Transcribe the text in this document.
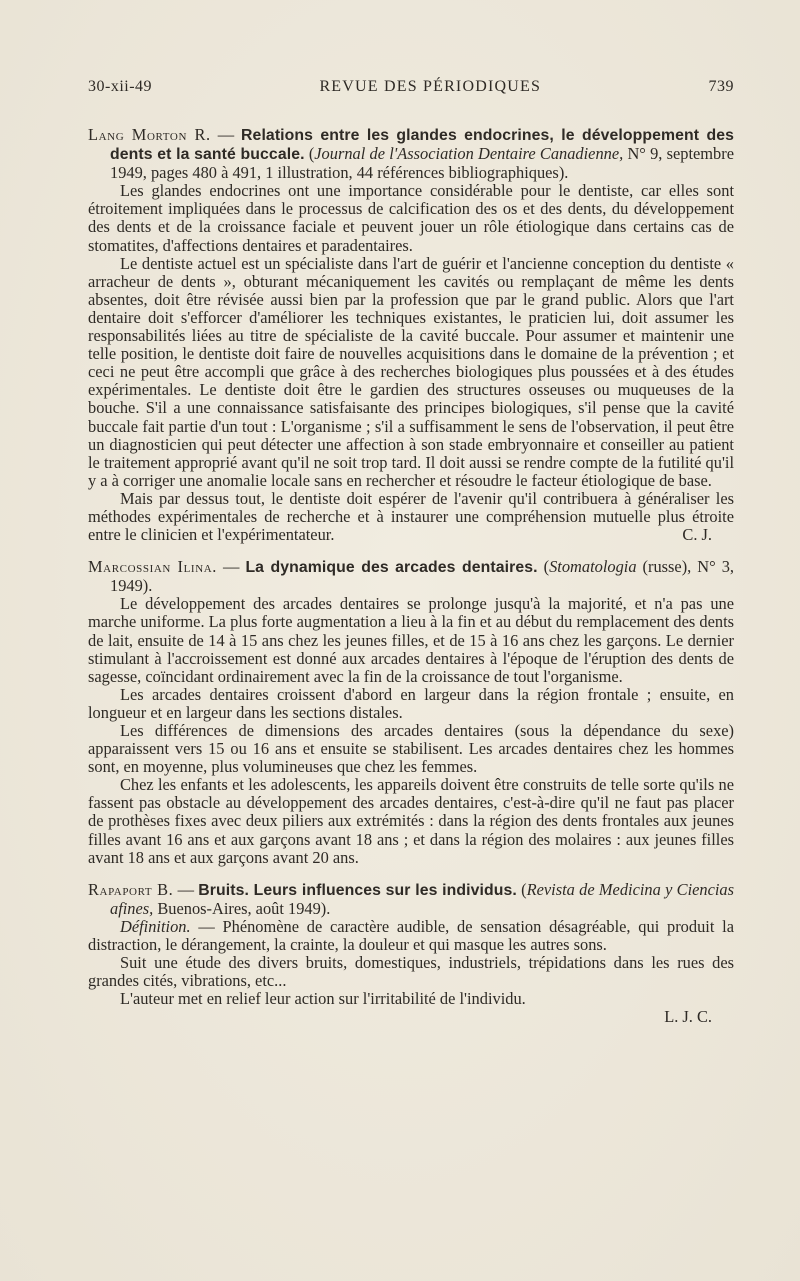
30-xii-49	REVUE DES PÉRIODIQUES	739

Lang Morton R. — Relations entre les glandes endocrines, le développement des dents et la santé buccale. (Journal de l'Association Dentaire Canadienne, N° 9, septembre 1949, pages 480 à 491, 1 illustration, 44 références bibliographiques).

Les glandes endocrines ont une importance considérable pour le dentiste, car elles sont étroitement impliquées dans le processus de calcification des os et des dents, du développement des dents et de la croissance faciale et peuvent jouer un rôle étiologique dans certains cas de stomatites, d'affections dentaires et paradentaires.

Le dentiste actuel est un spécialiste dans l'art de guérir et l'ancienne conception du dentiste « arracheur de dents », obturant mécaniquement les cavités ou remplaçant de même les dents absentes, doit être révisée aussi bien par la profession que par le grand public. Alors que l'art dentaire doit s'efforcer d'améliorer les techniques existantes, le praticien lui, doit assumer les responsabilités liées au titre de spécialiste de la cavité buccale. Pour assumer et maintenir une telle position, le dentiste doit faire de nouvelles acquisitions dans le domaine de la prévention ; et ceci ne peut être accompli que grâce à des recherches biologiques plus poussées et à des études expérimentales. Le dentiste doit être le gardien des structures osseuses ou muqueuses de la bouche. S'il a une connaissance satisfaisante des principes biologiques, s'il pense que la cavité buccale fait partie d'un tout : L'organisme ; s'il a suffisamment le sens de l'observation, il peut être un diagnosticien qui peut détecter une affection à son stade embryonnaire et conseiller au patient le traitement approprié avant qu'il ne soit trop tard. Il doit aussi se rendre compte de la futilité qu'il y a à corriger une anomalie locale sans en rechercher et résoudre le facteur étiologique de base.

Mais par dessus tout, le dentiste doit espérer de l'avenir qu'il contribuera à généraliser les méthodes expérimentales de recherche et à instaurer une compréhension mutuelle plus étroite entre le clinicien et l'expérimentateur.	C. J.

Marcossian Ilina. — La dynamique des arcades dentaires. (Stomatologia (russe), N° 3, 1949).

Le développement des arcades dentaires se prolonge jusqu'à la majorité, et n'a pas une marche uniforme. La plus forte augmentation a lieu à la fin et au début du remplacement des dents de lait, ensuite de 14 à 15 ans chez les jeunes filles, et de 15 à 16 ans chez les garçons. Le dernier stimulant à l'accroissement est donné aux arcades dentaires à l'époque de l'éruption des dents de sagesse, coïncidant ordinairement avec la fin de la croissance de tout l'organisme.

Les arcades dentaires croissent d'abord en largeur dans la région frontale ; ensuite, en longueur et en largeur dans les sections distales.

Les différences de dimensions des arcades dentaires (sous la dépendance du sexe) apparaissent vers 15 ou 16 ans et ensuite se stabilisent. Les arcades dentaires chez les hommes sont, en moyenne, plus volumineuses que chez les femmes.

Chez les enfants et les adolescents, les appareils doivent être construits de telle sorte qu'ils ne fassent pas obstacle au développement des arcades dentaires, c'est-à-dire qu'il ne faut pas placer de prothèses fixes avec deux piliers aux extrémités : dans la région des dents frontales aux jeunes filles avant 16 ans et aux garçons avant 18 ans ; et dans la région des molaires : aux jeunes filles avant 18 ans et aux garçons avant 20 ans.

Rapaport B. — Bruits. Leurs influences sur les individus. (Revista de Medicina y Ciencias afines, Buenos-Aires, août 1949).

Définition. — Phénomène de caractère audible, de sensation désagréable, qui produit la distraction, le dérangement, la crainte, la douleur et qui masque les autres sons.

Suit une étude des divers bruits, domestiques, industriels, trépidations dans les rues des grandes cités, vibrations, etc...

L'auteur met en relief leur action sur l'irritabilité de l'individu.

L. J. C.
